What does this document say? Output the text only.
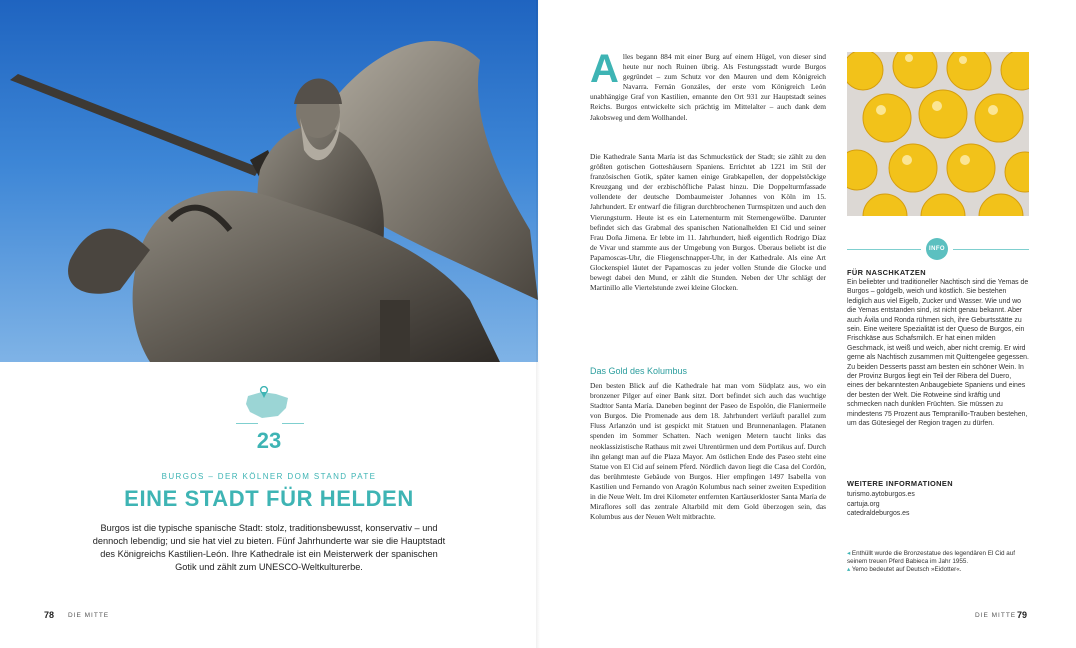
23
BURGOS – DER KÖLNER DOM STAND PATE
EINE STADT FÜR HELDEN
Burgos ist die typische spanische Stadt: stolz, traditionsbewusst, konservativ – und dennoch lebendig; und sie hat viel zu bieten. Fünf Jahrhunderte war sie die Hauptstadt des Königreichs Kastilien-León. Ihre Kathedrale ist ein Meisterwerk der spanischen Gotik und zählt zum UNESCO-Weltkulturerbe.
78 DIE MITTE
A lles begann 884 mit einer Burg auf einem Hügel, von dieser sind heute nur noch Ruinen übrig. Als Festungsstadt wurde Burgos gegründet – zum Schutz vor den Mauren und dem Königreich Navarra. Fernán Gonzáles, der erste vom Königreich León unabhängige Graf von Kastilien, ernannte den Ort 931 zur Hauptstadt seines Reichs. Burgos entwickelte sich prächtig im Mittelalter – auch dank dem Jakobsweg und dem Wollhandel.
Die Kathedrale Santa María ist das Schmuckstück der Stadt; sie zählt zu den größten gotischen Gotteshäusern Spaniens. Errichtet ab 1221 im Stil der französischen Gotik, später kamen einige Grabkapellen, der doppelstöckige Kreuzgang und der erzbischöfliche Palast hinzu. Die Doppelturmfassade vollendete der deutsche Dombaumeister Johannes von Köln im 15. Jahrhundert. Er entwarf die filigran durchbrochenen Turmspitzen und auch den Vierungsturm. Heute ist es ein Laternenturm mit Sternengewölbe. Darunter befindet sich das Grabmal des spanischen Nationalhelden El Cid und seiner Frau Doña Jimena. Er lebte im 11. Jahrhundert, hieß eigentlich Rodrigo Díaz de Vivar und stammte aus der Umgebung von Burgos. Überaus beliebt ist die Papamoscas-Uhr, die Fliegenschnapper-Uhr, in der Kathedrale. Als eine Art Glockenspiel läutet der Papamoscas zu jeder vollen Stunde die Glocke und bewegt dabei den Mund, er zählt die Stunden. Neben der Uhr schlägt der Martinillo alle Viertelstunde zwei kleine Glocken.
Das Gold des Kolumbus
Den besten Blick auf die Kathedrale hat man vom Südplatz aus, wo ein bronzener Pilger auf einer Bank sitzt. Dort befindet sich auch das wuchtige Stadttor Santa María. Daneben beginnt der Paseo de Espolón, die Flaniermeile von Burgos. Die Promenade aus dem 18. Jahrhundert verläuft parallel zum Fluss Arlanzón und ist gespickt mit Statuen und Brunnenanlagen. Platanen spenden im Sommer Schatten. Nach wenigen Metern taucht links das neoklassizistische Rathaus mit zwei Uhrentürmen und dem Portikus auf. Durch ihn gelangt man auf die Plaza Mayor. Am östlichen Ende des Paseo steht eine Statue von El Cid auf seinem Pferd. Nördlich davon liegt die Casa del Cordón, das berühmteste Gebäude von Burgos. Hier empfingen 1497 Isabella von Kastilien und Fernando von Aragón Kolumbus nach seiner zweiten Expedition in die Neue Welt. Im drei Kilometer entfernten Kartäuserkloster Santa María de Miraflores soll das zentrale Altarbild mit dem Gold überzogen sein, das Kolumbus aus der Neuen Welt mitbrachte.
INFO
FÜR NASCHKATZEN
Ein beliebter und traditioneller Nachtisch sind die Yemas de Burgos – goldgelb, weich und köstlich. Sie bestehen lediglich aus viel Eigelb, Zucker und Wasser. Wie und wo die Yemas entstanden sind, ist nicht genau bekannt. Aber auch Ávila und Ronda rühmen sich, ihre Geburtsstätte zu sein. Eine weitere Spezialität ist der Queso de Burgos, ein Frischkäse aus Schafsmilch. Er hat einen milden Geschmack, ist weiß und weich, aber nicht cremig. Er wird gerne als Nachtisch zusammen mit Quittengelee gegessen. Zu beiden Desserts passt am besten ein schöner Wein. In der Provinz Burgos liegt ein Teil der Ribera del Duero, eines der bekanntesten Anbaugebiete Spaniens und eines der besten der Welt. Die Rotweine sind kräftig und schmecken nach dunklen Früchten. Sie müssen zu mindestens 75 Prozent aus Tempranillo-Trauben bestehen, um das Gütesiegel der Region tragen zu dürfen.
WEITERE INFORMATIONEN
turismo.aytoburgos.es
cartuja.org
catedraldeburgos.es
◂ Enthüllt wurde die Bronzestatue des legendären El Cid auf seinem treuen Pferd Babieca im Jahr 1955.
▴ Yemo bedeutet auf Deutsch »Eidotter«.
DIE MITTE 79
